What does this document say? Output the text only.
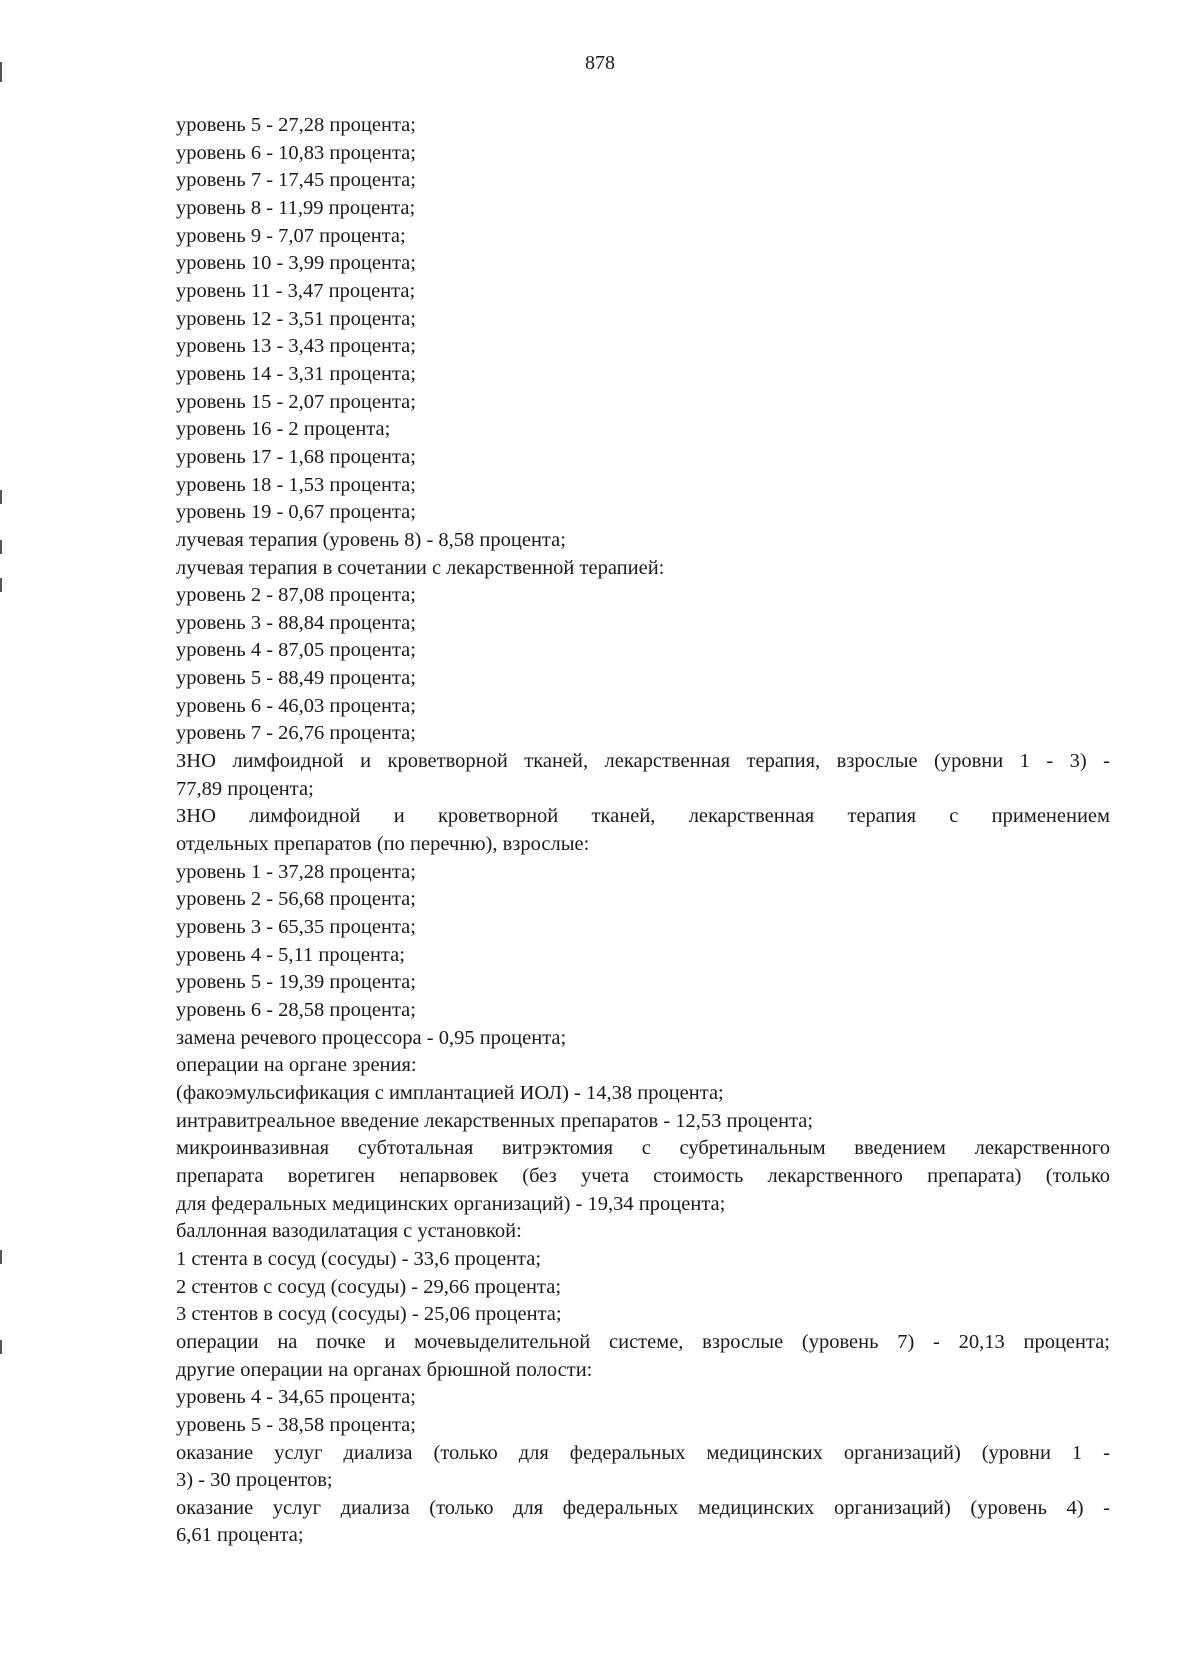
878
уровень 5 - 27,28 процента;
уровень 6 - 10,83 процента;
уровень 7 - 17,45 процента;
уровень 8 - 11,99 процента;
уровень 9 - 7,07 процента;
уровень 10 - 3,99 процента;
уровень 11 - 3,47 процента;
уровень 12 - 3,51 процента;
уровень 13 - 3,43 процента;
уровень 14 - 3,31 процента;
уровень 15 - 2,07 процента;
уровень 16 - 2 процента;
уровень 17 - 1,68 процента;
уровень 18 - 1,53 процента;
уровень 19 - 0,67 процента;
лучевая терапия (уровень 8) - 8,58 процента;
лучевая терапия в сочетании с лекарственной терапией:
уровень 2 - 87,08 процента;
уровень 3 - 88,84 процента;
уровень 4 - 87,05 процента;
уровень 5 - 88,49 процента;
уровень 6 - 46,03 процента;
уровень 7 - 26,76 процента;
ЗНО лимфоидной и кроветворной тканей, лекарственная терапия, взрослые (уровни 1 - 3) -
77,89 процента;
ЗНО лимфоидной и кроветворной тканей, лекарственная терапия с применением
отдельных препаратов (по перечню), взрослые:
уровень 1 - 37,28 процента;
уровень 2 - 56,68 процента;
уровень 3 - 65,35 процента;
уровень 4 - 5,11 процента;
уровень 5 - 19,39 процента;
уровень 6 - 28,58 процента;
замена речевого процессора - 0,95 процента;
операции на органе зрения:
(факоэмульсификация с имплантацией ИОЛ) - 14,38 процента;
интравитреальное введение лекарственных препаратов - 12,53 процента;
микроинвазивная субтотальная витрэктомия с субретинальным введением лекарственного
препарата воретиген непарвовек (без учета стоимость лекарственного препарата) (только
для федеральных медицинских организаций) - 19,34 процента;
баллонная вазодилатация с установкой:
1 стента в сосуд (сосуды) - 33,6 процента;
2 стентов с сосуд (сосуды) - 29,66 процента;
3 стентов в сосуд (сосуды) - 25,06 процента;
операции на почке и мочевыделительной системе, взрослые (уровень 7) - 20,13 процента;
другие операции на органах брюшной полости:
уровень 4 - 34,65 процента;
уровень 5 - 38,58 процента;
оказание услуг диализа (только для федеральных медицинских организаций) (уровни 1 -
3) - 30 процентов;
оказание услуг диализа (только для федеральных медицинских организаций) (уровень 4) -
6,61 процента;
